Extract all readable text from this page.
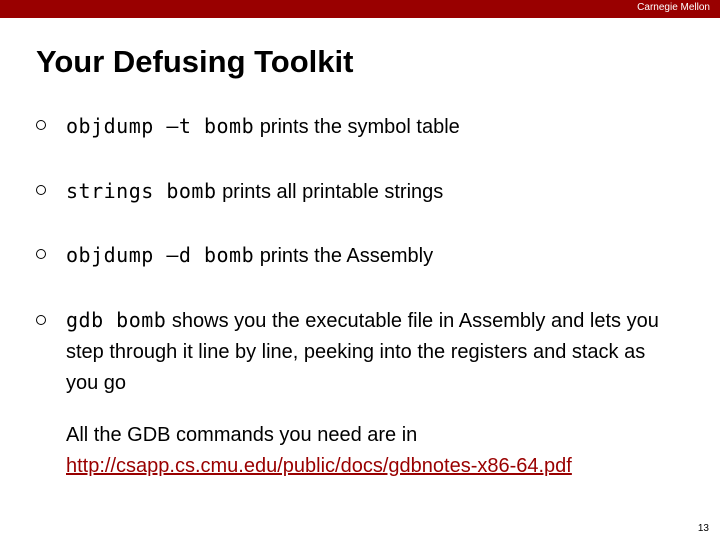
Carnegie Mellon
Your Defusing Toolkit
objdump –t bomb prints the symbol table
strings bomb prints all printable strings
objdump –d bomb prints the Assembly
gdb bomb shows you the executable file in Assembly and lets you step through it line by line, peeking into the registers and stack as you go
All the GDB commands you need are in
http://csapp.cs.cmu.edu/public/docs/gdbnotes-x86-64.pdf
13
